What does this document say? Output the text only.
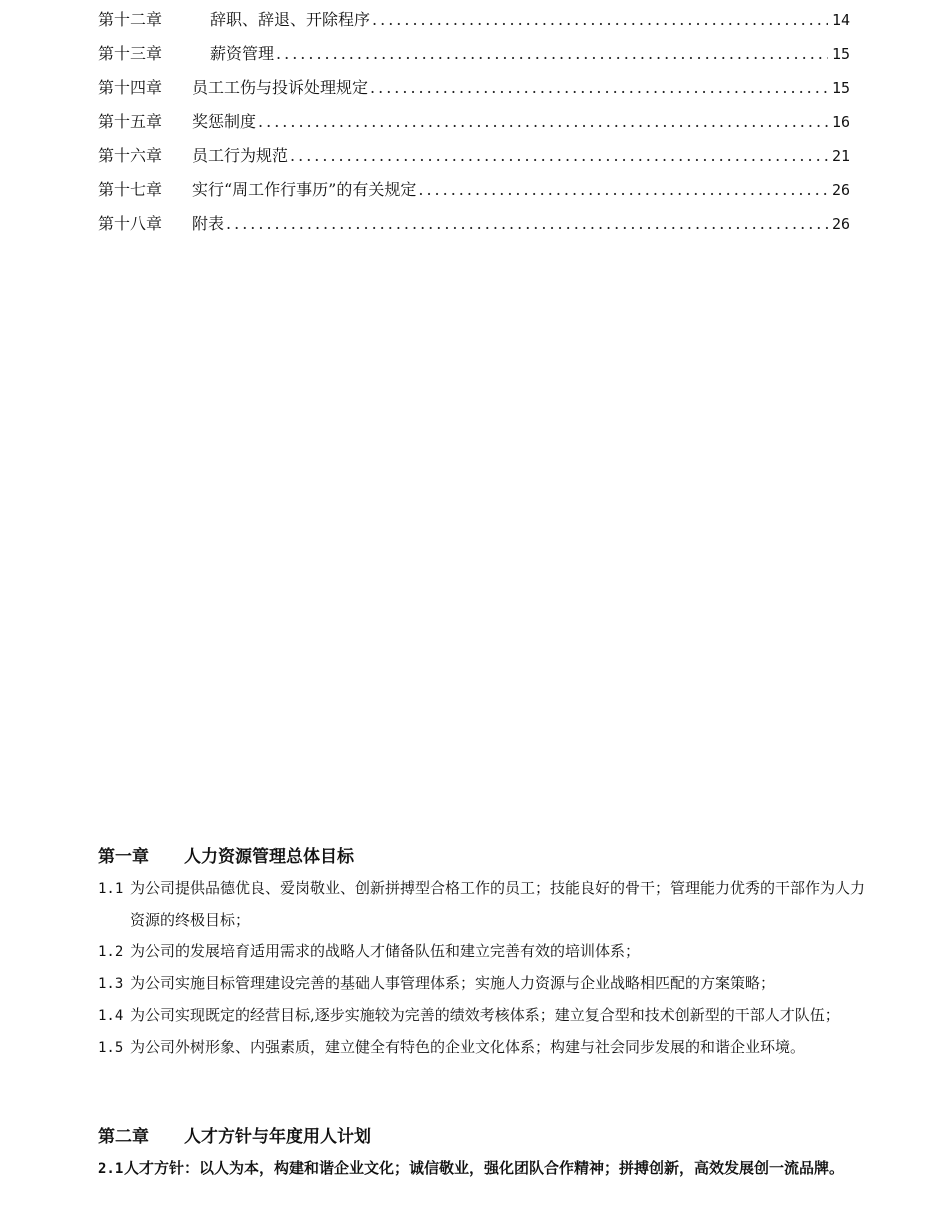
第十二章	辞职、辞退、开除程序 .....	14
第十三章	薪资管理 .....	15
第十四章	员工工伤与投诉处理规定 .....	15
第十五章	奖惩制度 .....	16
第十六章	员工行为规范 .....	21
第十七章	实行“周工作行事历”的有关规定 .....	26
第十八章	附表 .....	26
第一章	人力资源管理总体目标
1.1 为公司提供品德优良、爱岗敬业、创新拼搏型合格工作的员工；技能良好的骨干；管理能力优秀的干部作为人力资源的终极目标；
1.2 为公司的发展培育适用需求的战略人才储备队伍和建立完善有效的培训体系；
1.3 为公司实施目标管理建设完善的基础人事管理体系；实施人力资源与企业战略相匹配的方案策略；
1.4 为公司实现既定的经营目标,逐步实施较为完善的绩效考核体系；建立复合型和技术创新型的干部人才队伍；
1.5 为公司外树形象、内强素质，建立健全有特色的企业文化体系；构建与社会同步发展的和谐企业环境。
第二章	人才方针与年度用人计划
2.1人才方针：以人为本，构建和谐企业文化；诚信敬业，强化团队合作精神；拼搏创新，高效发展创一流品牌。
